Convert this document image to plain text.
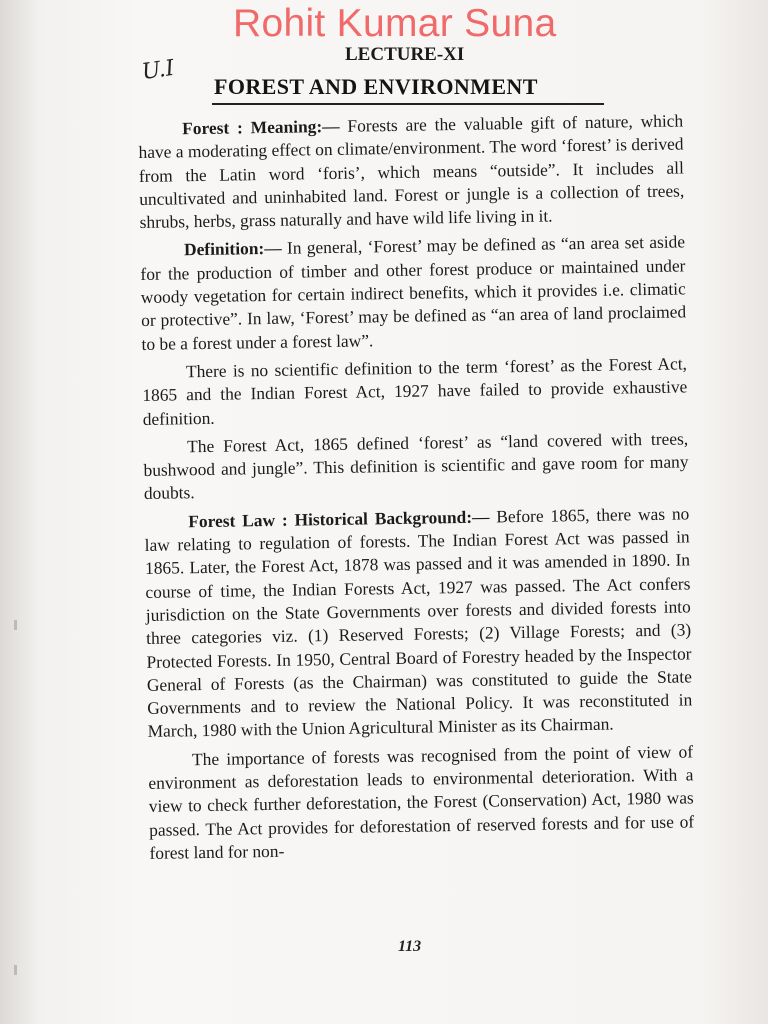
Rohit Kumar Suna
LECTURE-XI
U.I
FOREST AND ENVIRONMENT

Forest : Meaning:— Forests are the valuable gift of nature, which have a moderating effect on climate/environment. The word ‘forest’ is derived from the Latin word ‘foris’, which means “outside”. It includes all uncultivated and uninhabited land. Forest or jungle is a collection of trees, shrubs, herbs, grass naturally and have wild life living in it.

Definition:— In general, ‘Forest’ may be defined as “an area set aside for the production of timber and other forest produce or maintained under woody vegetation for certain indirect benefits, which it provides i.e. climatic or protective”. In law, ‘Forest’ may be defined as “an area of land proclaimed to be a forest under a forest law”.

There is no scientific definition to the term ‘forest’ as the Forest Act, 1865 and the Indian Forest Act, 1927 have failed to provide exhaustive definition.

The Forest Act, 1865 defined ‘forest’ as “land covered with trees, bushwood and jungle”. This definition is scientific and gave room for many doubts.

Forest Law : Historical Background:— Before 1865, there was no law relating to regulation of forests. The Indian Forest Act was passed in 1865. Later, the Forest Act, 1878 was passed and it was amended in 1890. In course of time, the Indian Forests Act, 1927 was passed. The Act confers jurisdiction on the State Governments over forests and divided forests into three categories viz. (1) Reserved Forests; (2) Village Forests; and (3) Protected Forests. In 1950, Central Board of Forestry headed by the Inspector General of Forests (as the Chairman) was constituted to guide the State Governments and to review the National Policy. It was reconstituted in March, 1980 with the Union Agricultural Minister as its Chairman.

The importance of forests was recognised from the point of view of environment as deforestation leads to environmental deterioration. With a view to check further deforestation, the Forest (Conservation) Act, 1980 was passed. The Act provides for deforestation of reserved forests and for use of forest land for non-

113
